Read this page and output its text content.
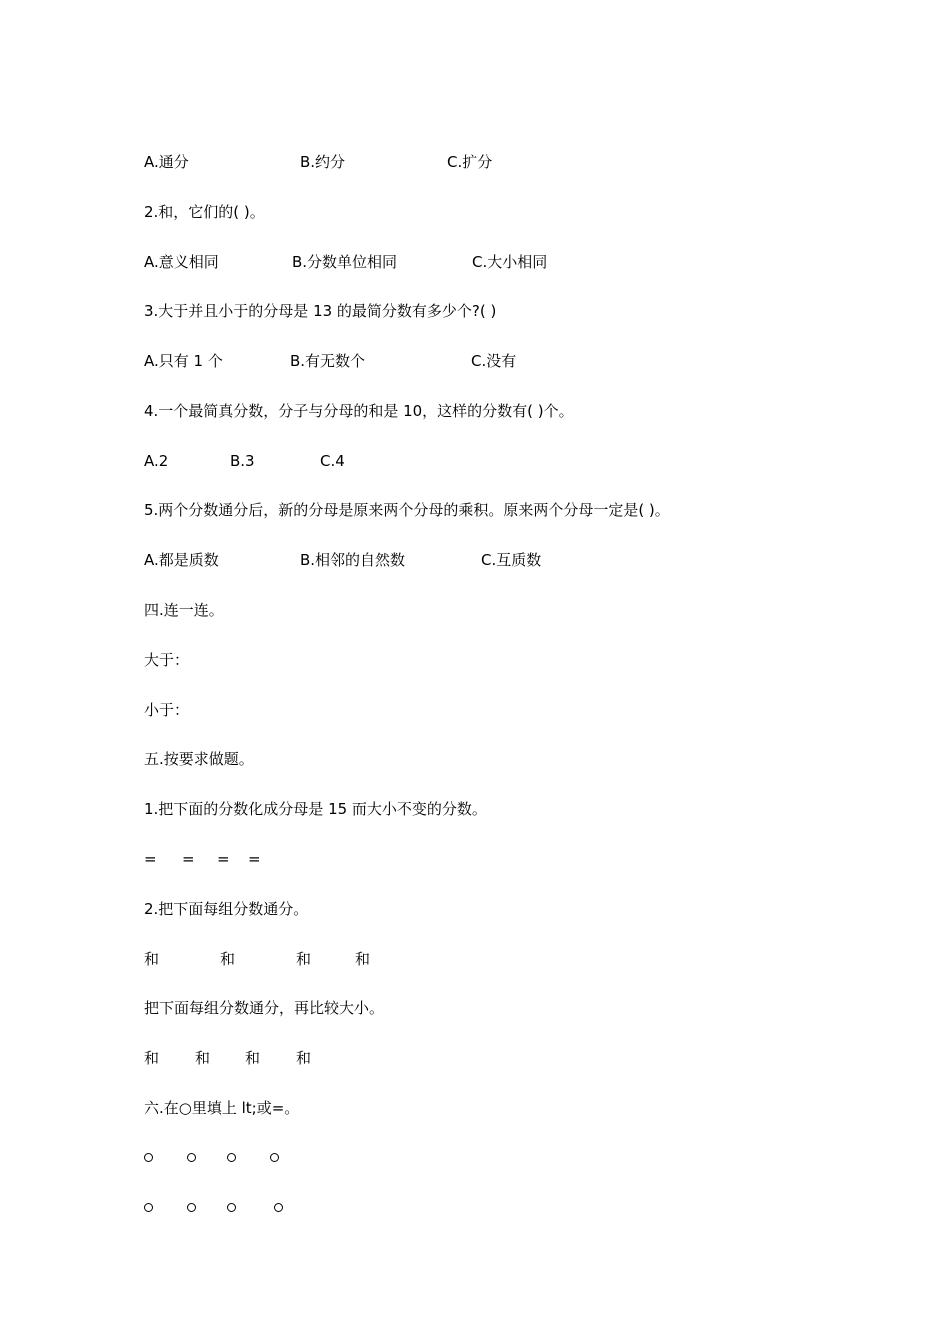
A.通分	B.约分	C.扩分
2.和，它们的( )。
A.意义相同	B.分数单位相同	C.大小相同
3.大于并且小于的分母是 13 的最简分数有多少个?( )
A.只有 1 个	B.有无数个	C.没有
4.一个最简真分数，分子与分母的和是 10，这样的分数有( )个。
A.2	B.3	C.4
5.两个分数通分后，新的分母是原来两个分母的乘积。原来两个分母一定是( )。
A.都是质数	B.相邻的自然数	C.互质数
四.连一连。
大于：
小于：
五.按要求做题。
1.把下面的分数化成分母是 15 而大小不变的分数。
= = = =
2.把下面每组分数通分。
和	和	和	和
把下面每组分数通分，再比较大小。
和 和 和 和
六.在○里填上 lt;或=。
